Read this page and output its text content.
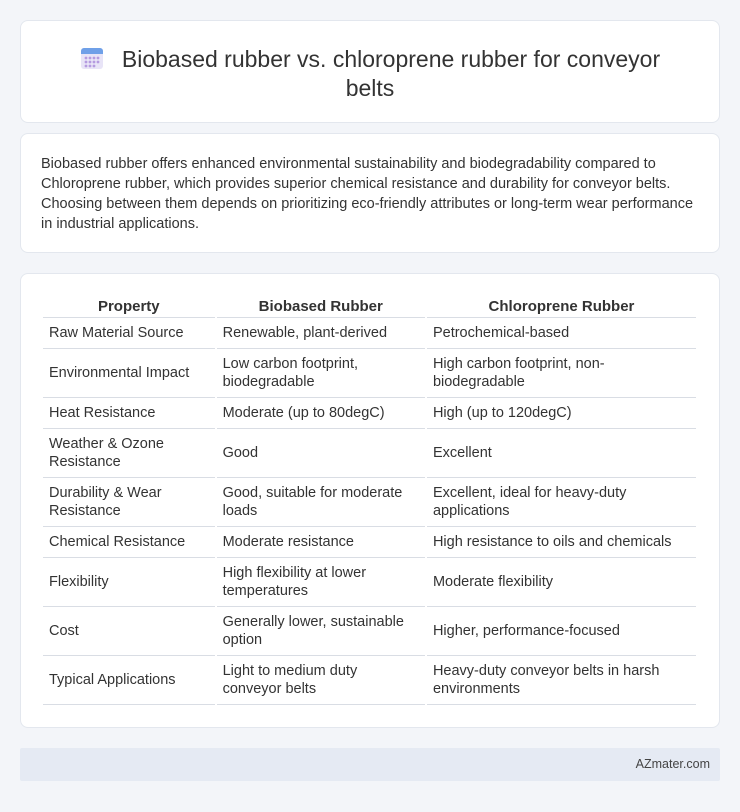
Biobased rubber vs. chloroprene rubber for conveyor belts

Biobased rubber offers enhanced environmental sustainability and biodegradability compared to Chloroprene rubber, which provides superior chemical resistance and durability for conveyor belts. Choosing between them depends on prioritizing eco-friendly attributes or long-term wear performance in industrial applications.

Property	Biobased Rubber	Chloroprene Rubber
Raw Material Source	Renewable, plant-derived	Petrochemical-based
Environmental Impact	Low carbon footprint, biodegradable	High carbon footprint, non-biodegradable
Heat Resistance	Moderate (up to 80degC)	High (up to 120degC)
Weather & Ozone Resistance	Good	Excellent
Durability & Wear Resistance	Good, suitable for moderate loads	Excellent, ideal for heavy-duty applications
Chemical Resistance	Moderate resistance	High resistance to oils and chemicals
Flexibility	High flexibility at lower temperatures	Moderate flexibility
Cost	Generally lower, sustainable option	Higher, performance-focused
Typical Applications	Light to medium duty conveyor belts	Heavy-duty conveyor belts in harsh environments
AZmater.com
